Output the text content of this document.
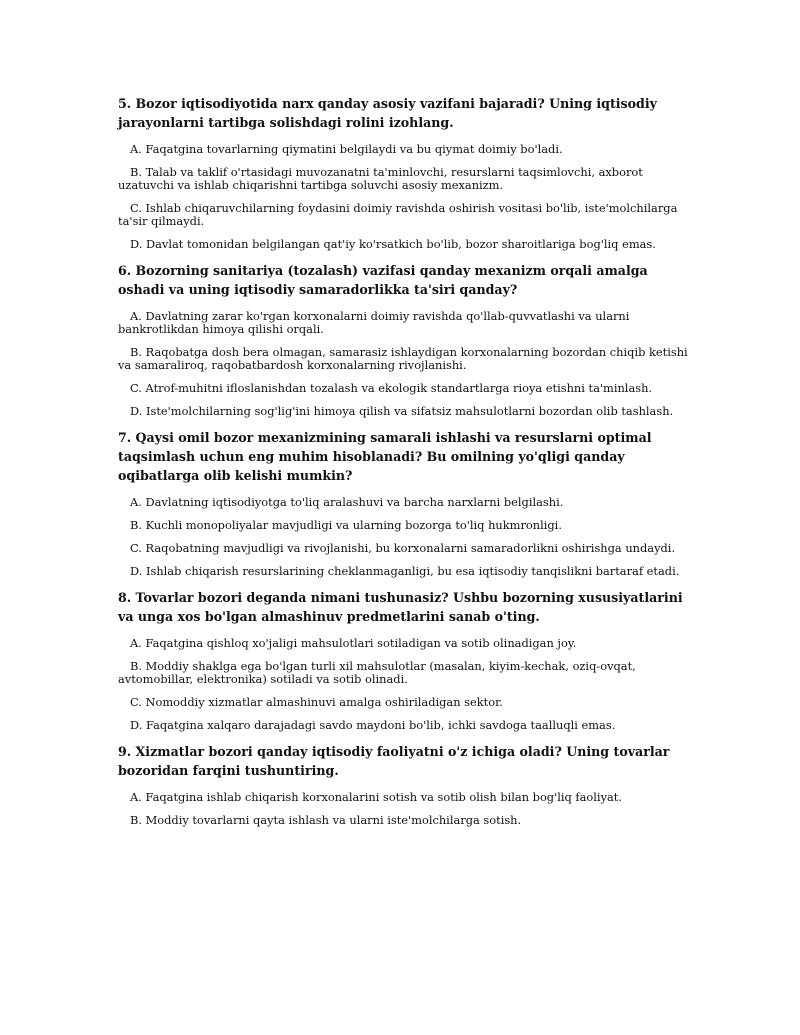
5. Bozor iqtisodiyotida narx qanday asosiy vazifani bajaradi? Uning iqtisodiy jarayonlarni tartibga solishdagi rolini izohlang.

A. Faqatgina tovarlarning qiymatini belgilaydi va bu qiymat doimiy bo'ladi.

B. Talab va taklif o'rtasidagi muvozanatni ta'minlovchi, resurslarni taqsimlovchi, axborot uzatuvchi va ishlab chiqarishni tartibga soluvchi asosiy mexanizm.

C. Ishlab chiqaruvchilarning foydasini doimiy ravishda oshirish vositasi bo'lib, iste'molchilarga ta'sir qilmaydi.

D. Davlat tomonidan belgilangan qat'iy ko'rsatkich bo'lib, bozor sharoitlariga bog'liq emas.

6. Bozorning sanitariya (tozalash) vazifasi qanday mexanizm orqali amalga oshadi va uning iqtisodiy samaradorlikka ta'siri qanday?

A. Davlatning zarar ko'rgan korxonalarni doimiy ravishda qo'llab-quvvatlashi va ularni bankrotlikdan himoya qilishi orqali.

B. Raqobatga dosh bera olmagan, samarasiz ishlaydigan korxonalarning bozordan chiqib ketishi va samaraliroq, raqobatbardosh korxonalarning rivojlanishi.

C. Atrof-muhitni ifloslanishdan tozalash va ekologik standartlarga rioya etishni ta'minlash.

D. Iste'molchilarning sog'lig'ini himoya qilish va sifatsiz mahsulotlarni bozordan olib tashlash.

7. Qaysi omil bozor mexanizmining samarali ishlashi va resurslarni optimal taqsimlash uchun eng muhim hisoblanadi? Bu omilning yo'qligi qanday oqibatlarga olib kelishi mumkin?

A. Davlatning iqtisodiyotga to'liq aralashuvi va barcha narxlarni belgilashi.

B. Kuchli monopoliyalar mavjudligi va ularning bozorga to'liq hukmronligi.

C. Raqobatning mavjudligi va rivojlanishi, bu korxonalarni samaradorlikni oshirishga undaydi.

D. Ishlab chiqarish resurslarining cheklanmaganligi, bu esa iqtisodiy tanqislikni bartaraf etadi.

8. Tovarlar bozori deganda nimani tushunasiz? Ushbu bozorning xususiyatlarini va unga xos bo'lgan almashinuv predmetlarini sanab o'ting.

A. Faqatgina qishloq xo'jaligi mahsulotlari sotiladigan va sotib olinadigan joy.

B. Moddiy shaklga ega bo'lgan turli xil mahsulotlar (masalan, kiyim-kechak, oziq-ovqat, avtomobillar, elektronika) sotiladi va sotib olinadi.

C. Nomoddiy xizmatlar almashinuvi amalga oshiriladigan sektor.

D. Faqatgina xalqaro darajadagi savdo maydoni bo'lib, ichki savdoga taalluqli emas.

9. Xizmatlar bozori qanday iqtisodiy faoliyatni o'z ichiga oladi? Uning tovarlar bozoridan farqini tushuntiring.

A. Faqatgina ishlab chiqarish korxonalarini sotish va sotib olish bilan bog'liq faoliyat.

B. Moddiy tovarlarni qayta ishlash va ularni iste'molchilarga sotish.
